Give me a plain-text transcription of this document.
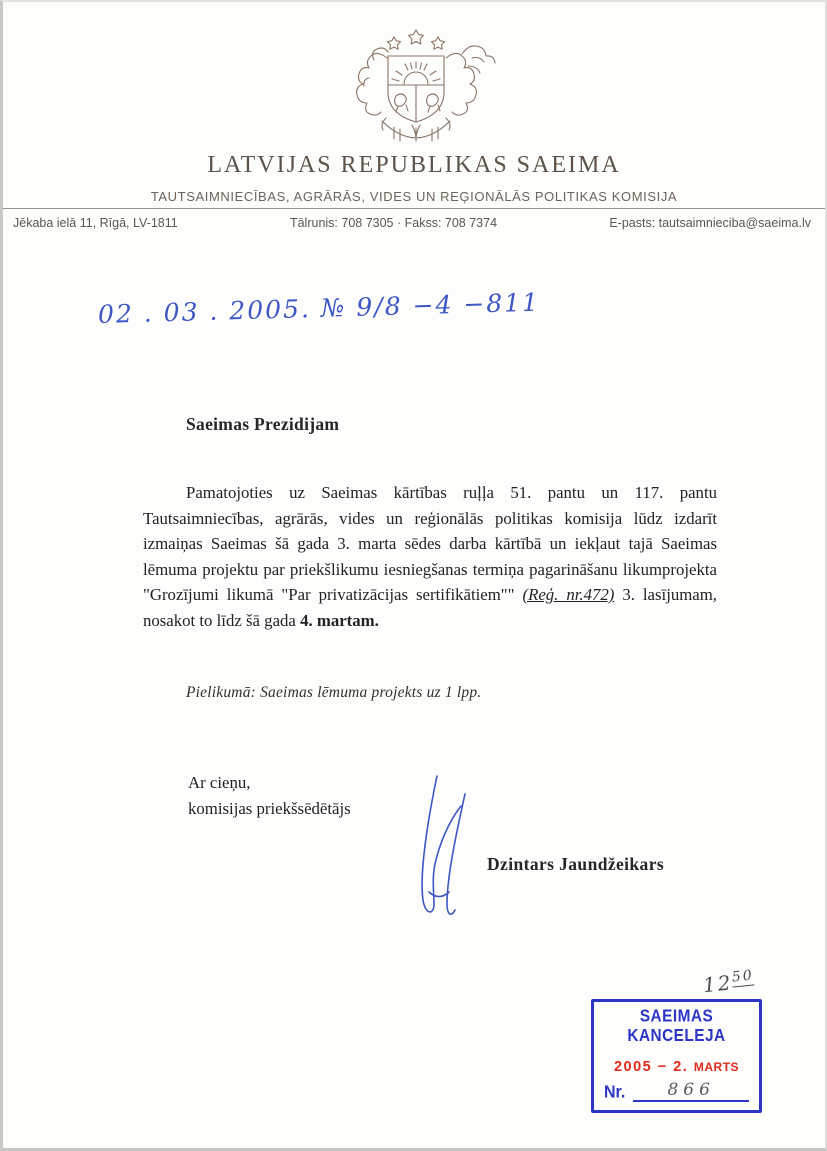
LATVIJAS REPUBLIKAS SAEIMA
TAUTSAIMNIECĪBAS, AGRĀRĀS, VIDES UN REĢIONĀLĀS POLITIKAS KOMISIJA
Jēkaba ielā 11, Rīgā, LV-1811	Tālrunis: 708 7305 · Fakss: 708 7374	E-pasts: tautsaimnieciba@saeima.lv
02 . 03 . 2005. № 9/8 −4 −811
Saeimas Prezidijam
Pamatojoties uz Saeimas kārtības ruļļa 51. pantu un 117. pantu Tautsaimniecības, agrārās, vides un reģionālās politikas komisija lūdz izdarīt izmaiņas Saeimas šā gada 3. marta sēdes darba kārtībā un iekļaut tajā Saeimas lēmuma projektu par priekšlikumu iesniegšanas termiņa pagarināšanu likumprojekta "Grozījumi likumā "Par privatizācijas sertifikātiem"" (Reģ. nr.472) 3. lasījumam, nosakot to līdz šā gada 4. martam.
Pielikumā: Saeimas lēmuma projekts uz 1 lpp.
Ar cieņu,
komisijas priekšsēdētājs
Dzintars Jaundžeikars
$12^{50}$
SAEIMAS KANCELEJA
2005 − 2. MARTS
Nr.	866
